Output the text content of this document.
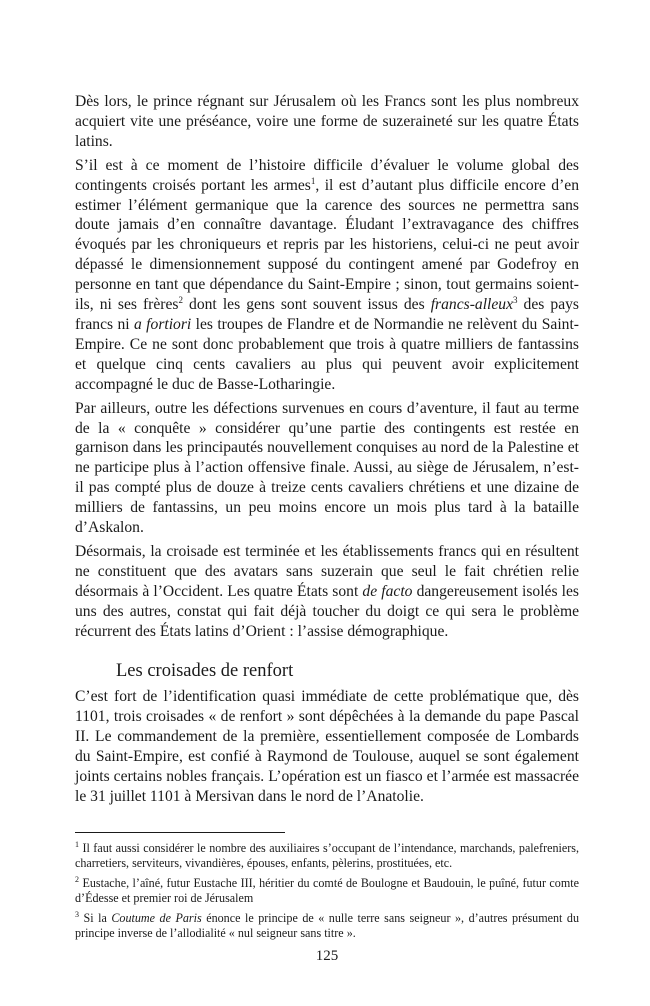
Dès lors, le prince régnant sur Jérusalem où les Francs sont les plus nombreux acquiert vite une préséance, voire une forme de suzeraineté sur les quatre États latins.

S’il est à ce moment de l’histoire difficile d’évaluer le volume global des contingents croisés portant les armes$^1$, il est d’autant plus difficile encore d’en estimer l’élément germanique que la carence des sources ne permettra sans doute jamais d’en connaître davantage. Éludant l’extravagance des chiffres évoqués par les chroniqueurs et repris par les historiens, celui-ci ne peut avoir dépassé le dimensionnement supposé du contingent amené par Godefroy en personne en tant que dépendance du Saint-Empire ; sinon, tout germains soient-ils, ni ses frères$^2$ dont les gens sont souvent issus des francs-alleux$^3$ des pays francs ni a fortiori les troupes de Flandre et de Normandie ne relèvent du Saint-Empire. Ce ne sont donc probablement que trois à quatre milliers de fantassins et quelque cinq cents cavaliers au plus qui peuvent avoir explicitement accompagné le duc de Basse-Lotharingie.

Par ailleurs, outre les défections survenues en cours d’aventure, il faut au terme de la « conquête » considérer qu’une partie des contingents est restée en garnison dans les principautés nouvellement conquises au nord de la Palestine et ne participe plus à l’action offensive finale. Aussi, au siège de Jérusalem, n’est-il pas compté plus de douze à treize cents cavaliers chrétiens et une dizaine de milliers de fantassins, un peu moins encore un mois plus tard à la bataille d’Askalon.

Désormais, la croisade est terminée et les établissements francs qui en résultent ne constituent que des avatars sans suzerain que seul le fait chrétien relie désormais à l’Occident. Les quatre États sont de facto dangereusement isolés les uns des autres, constat qui fait déjà toucher du doigt ce qui sera le problème récurrent des États latins d’Orient : l’assise démographique.

Les croisades de renfort

C’est fort de l’identification quasi immédiate de cette problématique que, dès 1101, trois croisades « de renfort » sont dépêchées à la demande du pape Pascal II. Le commandement de la première, essentiellement composée de Lombards du Saint-Empire, est confié à Raymond de Toulouse, auquel se sont également joints certains nobles français. L’opération est un fiasco et l’armée est massacrée le 31 juillet 1101 à Mersivan dans le nord de l’Anatolie.

$^1$ Il faut aussi considérer le nombre des auxiliaires s’occupant de l’intendance, marchands, palefreniers, charretiers, serviteurs, vivandières, épouses, enfants, pèlerins, prostituées, etc.

$^2$ Eustache, l’aîné, futur Eustache III, héritier du comté de Boulogne et Baudouin, le puîné, futur comte d’Édesse et premier roi de Jérusalem

$^3$ Si la Coutume de Paris énonce le principe de « nulle terre sans seigneur », d’autres présument du principe inverse de l’allodialité « nul seigneur sans titre ».

125
